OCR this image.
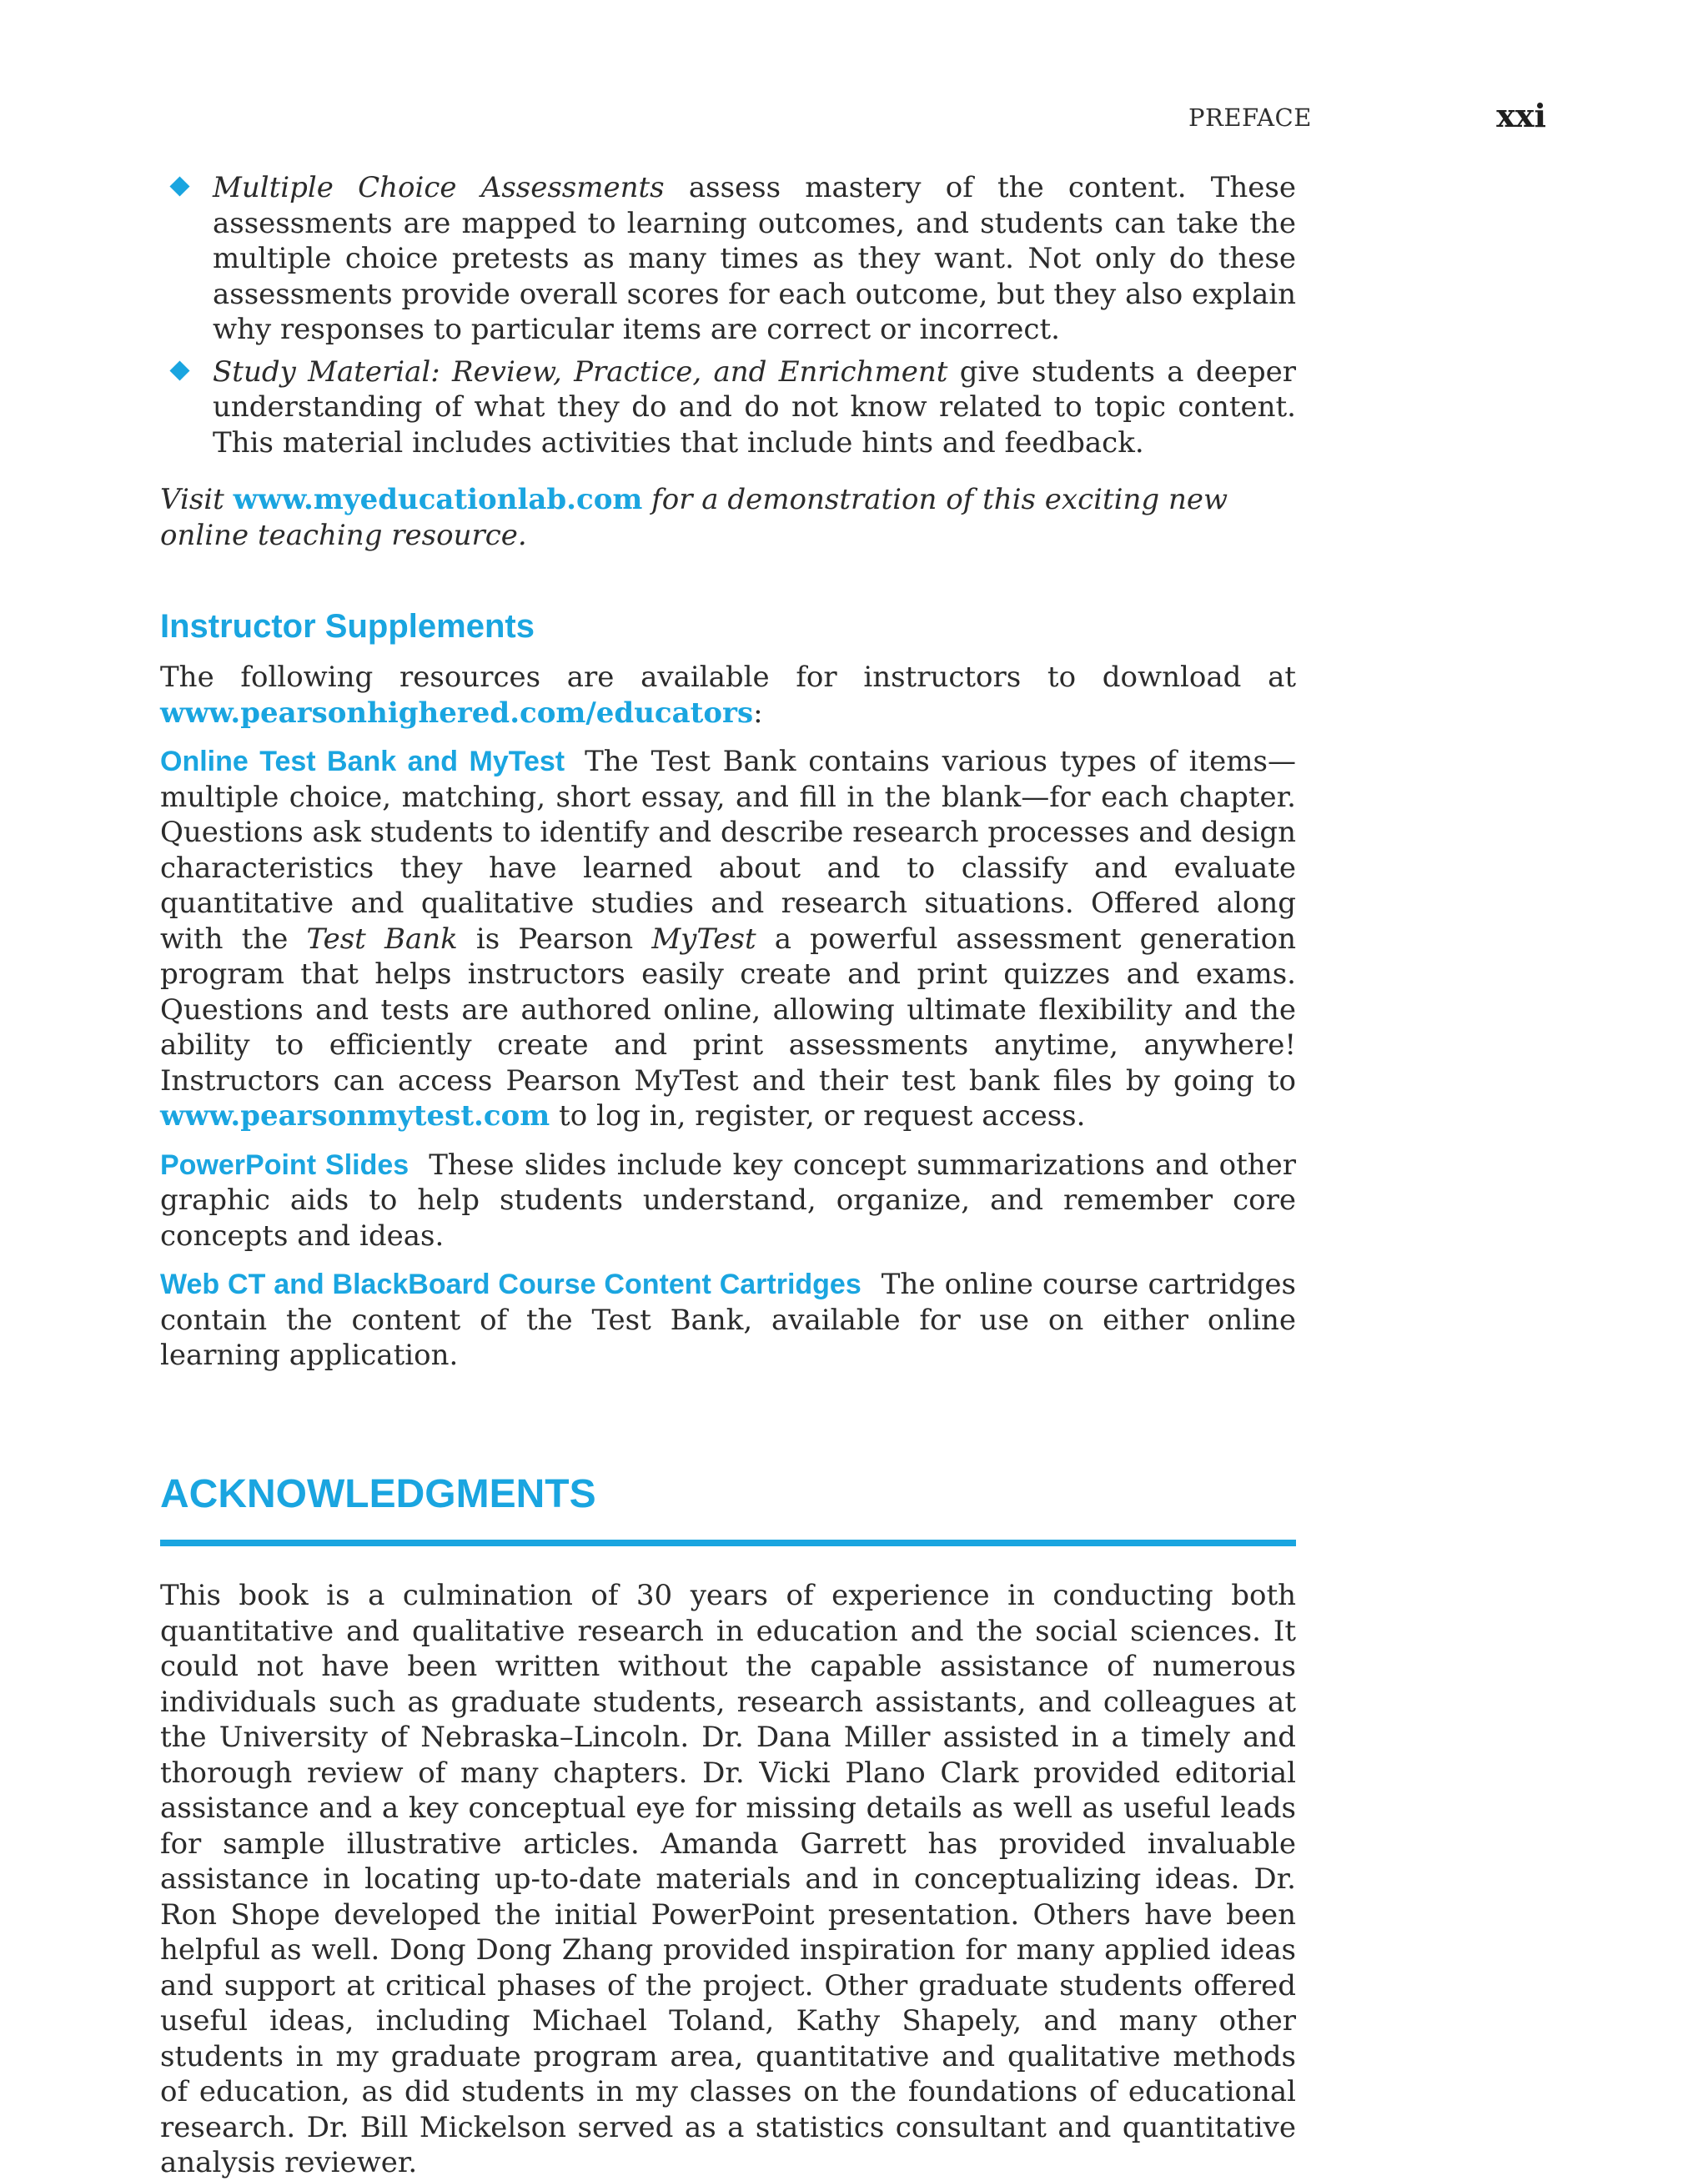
PREFACE	xxi
Multiple Choice Assessments assess mastery of the content. These assessments are mapped to learning outcomes, and students can take the multiple choice pretests as many times as they want. Not only do these assessments provide overall scores for each outcome, but they also explain why responses to particular items are correct or incorrect.
Study Material: Review, Practice, and Enrichment give students a deeper understanding of what they do and do not know related to topic content. This material includes activities that include hints and feedback.

Visit www.myeducationlab.com for a demonstration of this exciting new online teaching resource.

Instructor Supplements

The following resources are available for instructors to download at www.pearsonhighered.com/educators:

Online Test Bank and MyTest The Test Bank contains various types of items—multiple choice, matching, short essay, and fill in the blank—for each chapter. Questions ask students to identify and describe research processes and design characteristics they have learned about and to classify and evaluate quantitative and qualitative studies and research situations. Offered along with the Test Bank is Pearson MyTest a powerful assessment generation program that helps instructors easily create and print quizzes and exams. Questions and tests are authored online, allowing ultimate flexibility and the ability to efficiently create and print assessments anytime, anywhere! Instructors can access Pearson MyTest and their test bank files by going to www.pearsonmytest.com to log in, register, or request access.

PowerPoint Slides These slides include key concept summarizations and other graphic aids to help students understand, organize, and remember core concepts and ideas.

Web CT and BlackBoard Course Content Cartridges The online course cartridges contain the content of the Test Bank, available for use on either online learning application.

ACKNOWLEDGMENTS

This book is a culmination of 30 years of experience in conducting both quantitative and qualitative research in education and the social sciences. It could not have been written without the capable assistance of numerous individuals such as graduate students, research assistants, and colleagues at the University of Nebraska–Lincoln. Dr. Dana Miller assisted in a timely and thorough review of many chapters. Dr. Vicki Plano Clark provided editorial assistance and a key conceptual eye for missing details as well as useful leads for sample illustrative articles. Amanda Garrett has provided invaluable assistance in locating up-to-date materials and in conceptualizing ideas. Dr. Ron Shope developed the initial PowerPoint presentation. Others have been helpful as well. Dong Dong Zhang provided inspiration for many applied ideas and support at critical phases of the project. Other graduate students offered useful ideas, including Michael Toland, Kathy Shapely, and many other students in my graduate program area, quantitative and qualitative methods of education, as did students in my classes on the foundations of educational research. Dr. Bill Mickelson served as a statistics consultant and quantitative analysis reviewer.
